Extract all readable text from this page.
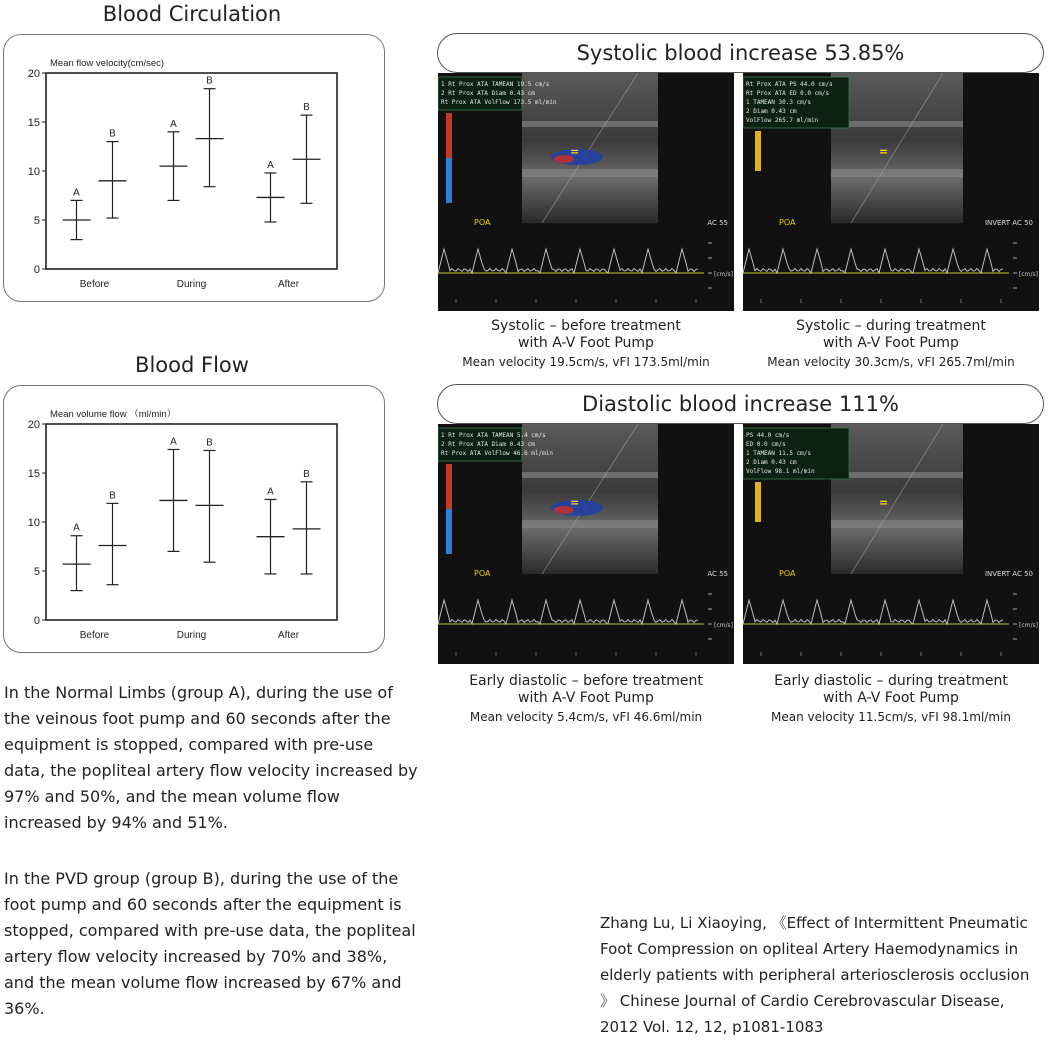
Blood Circulation
Mean flow velocity(cm/sec)
0
5
10
15
20
Before	During	After
A
A
A
B
B
B
Blood Flow
Mean volume flow （ml/min）
0
5
10
15
20
Before	During	After
A
A
A
B
B
B
In the Normal Limbs (group A), during the use of the veinous foot pump and 60 seconds after the equipment is stopped, compared with pre-use data, the popliteal artery flow velocity increased by 97% and 50%, and the mean volume flow increased by 94% and 51%.
In the PVD group (group B), during the use of the foot pump and 60 seconds after the equipment is stopped, compared with pre-use data, the popliteal artery flow velocity increased by 70% and 38%, and the mean volume flow increased by 67% and 36%.
Systolic blood increase 53.85%
=
1 Rt Prox ATA TAMEAN 19.5 cm/s
2 Rt Prox ATA Diam 0.43 cm
Rt Prox ATA VolFlow 173.5 ml/min
POA	AC 55
[cm/s]
=
Rt Prox ATA PS 44.0 cm/s
Rt Prox ATA ED 0.0 cm/s
1 TAMEAN 30.3 cm/s
2 Diam 0.43 cm
VolFlow 265.7 ml/min
POA	INVERT AC 50
[cm/s]
Systolic – before treatment
with A-V Foot Pump
Mean velocity 19.5cm/s, vFI 173.5ml/min
Systolic – during treatment
with A-V Foot Pump
Mean velocity 30.3cm/s, vFI 265.7ml/min
Diastolic blood increase 111%
=
1 Rt Prox ATA TAMEAN 5.4 cm/s
2 Rt Prox ATA Diam 0.43 cm
Rt Prox ATA VolFlow 46.6 ml/min
POA	AC 55
[cm/s]
=
PS 44.0 cm/s
ED 0.0 cm/s
1 TAMEAN 11.5 cm/s
2 Diam 0.43 cm
VolFlow 98.1 ml/min
POA	INVERT AC 50
[cm/s]
Early diastolic – before treatment
with A-V Foot Pump
Mean velocity 5.4cm/s, vFI 46.6ml/min
Early diastolic – during treatment
with A-V Foot Pump
Mean velocity 11.5cm/s, vFI 98.1ml/min
Zhang Lu, Li Xiaoying, 《Effect of Intermittent Pneumatic Foot Compression on opliteal Artery Haemodynamics in elderly patients with peripheral arteriosclerosis occlusion 》 Chinese Journal of Cardio Cerebrovascular Disease, 2012 Vol. 12, 12, p1081-1083
